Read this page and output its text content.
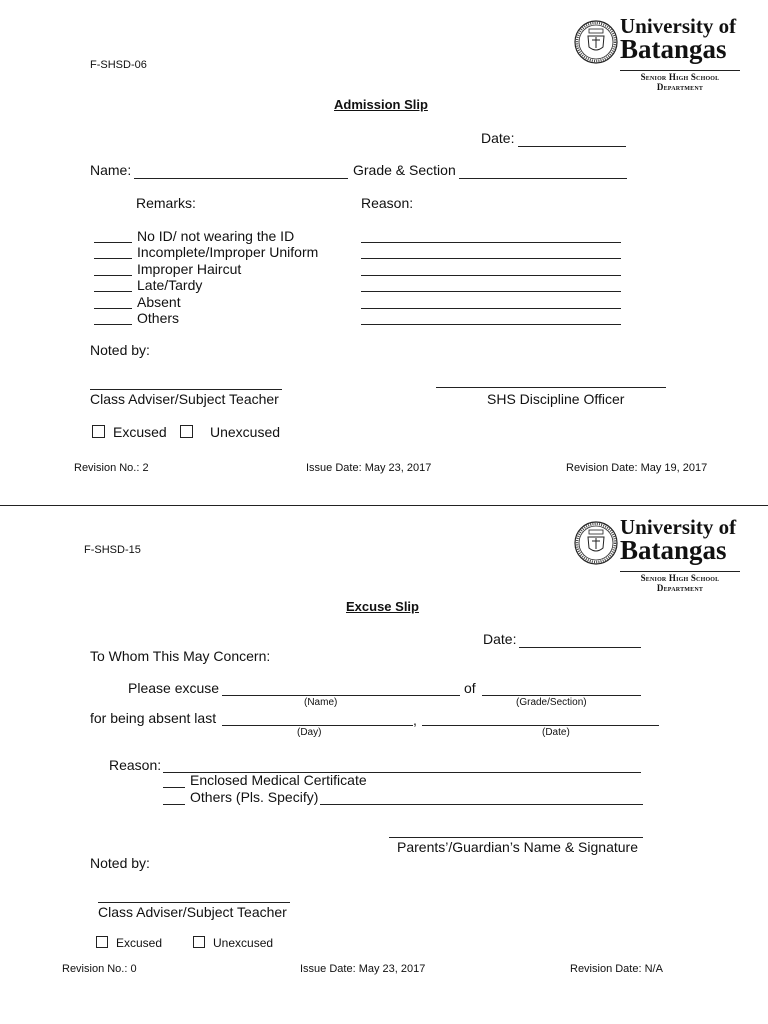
F-SHSD-06
University of
Batangas
Senior High School
Department
Admission Slip
Date:
Name:	Grade & Section
Remarks:	Reason:
No ID/ not wearing the ID
Incomplete/Improper Uniform
Improper Haircut
Late/Tardy
Absent
Others
Noted by:
Class Adviser/Subject Teacher	SHS Discipline Officer
Excused	Unexcused
Revision No.: 2	Issue Date: May 23, 2017	Revision Date: May 19, 2017
F-SHSD-15
University of
Batangas
Senior High School
Department
Excuse Slip
Date:
To Whom This May Concern:
Please excuse	of
(Name)	(Grade/Section)
for being absent last	,
(Day)	(Date)
Reason:
Enclosed Medical Certificate
Others (Pls. Specify)
Parents’/Guardian’s Name & Signature
Noted by:
Class Adviser/Subject Teacher
Excused	Unexcused
Revision No.: 0	Issue Date: May 23, 2017	Revision Date: N/A
